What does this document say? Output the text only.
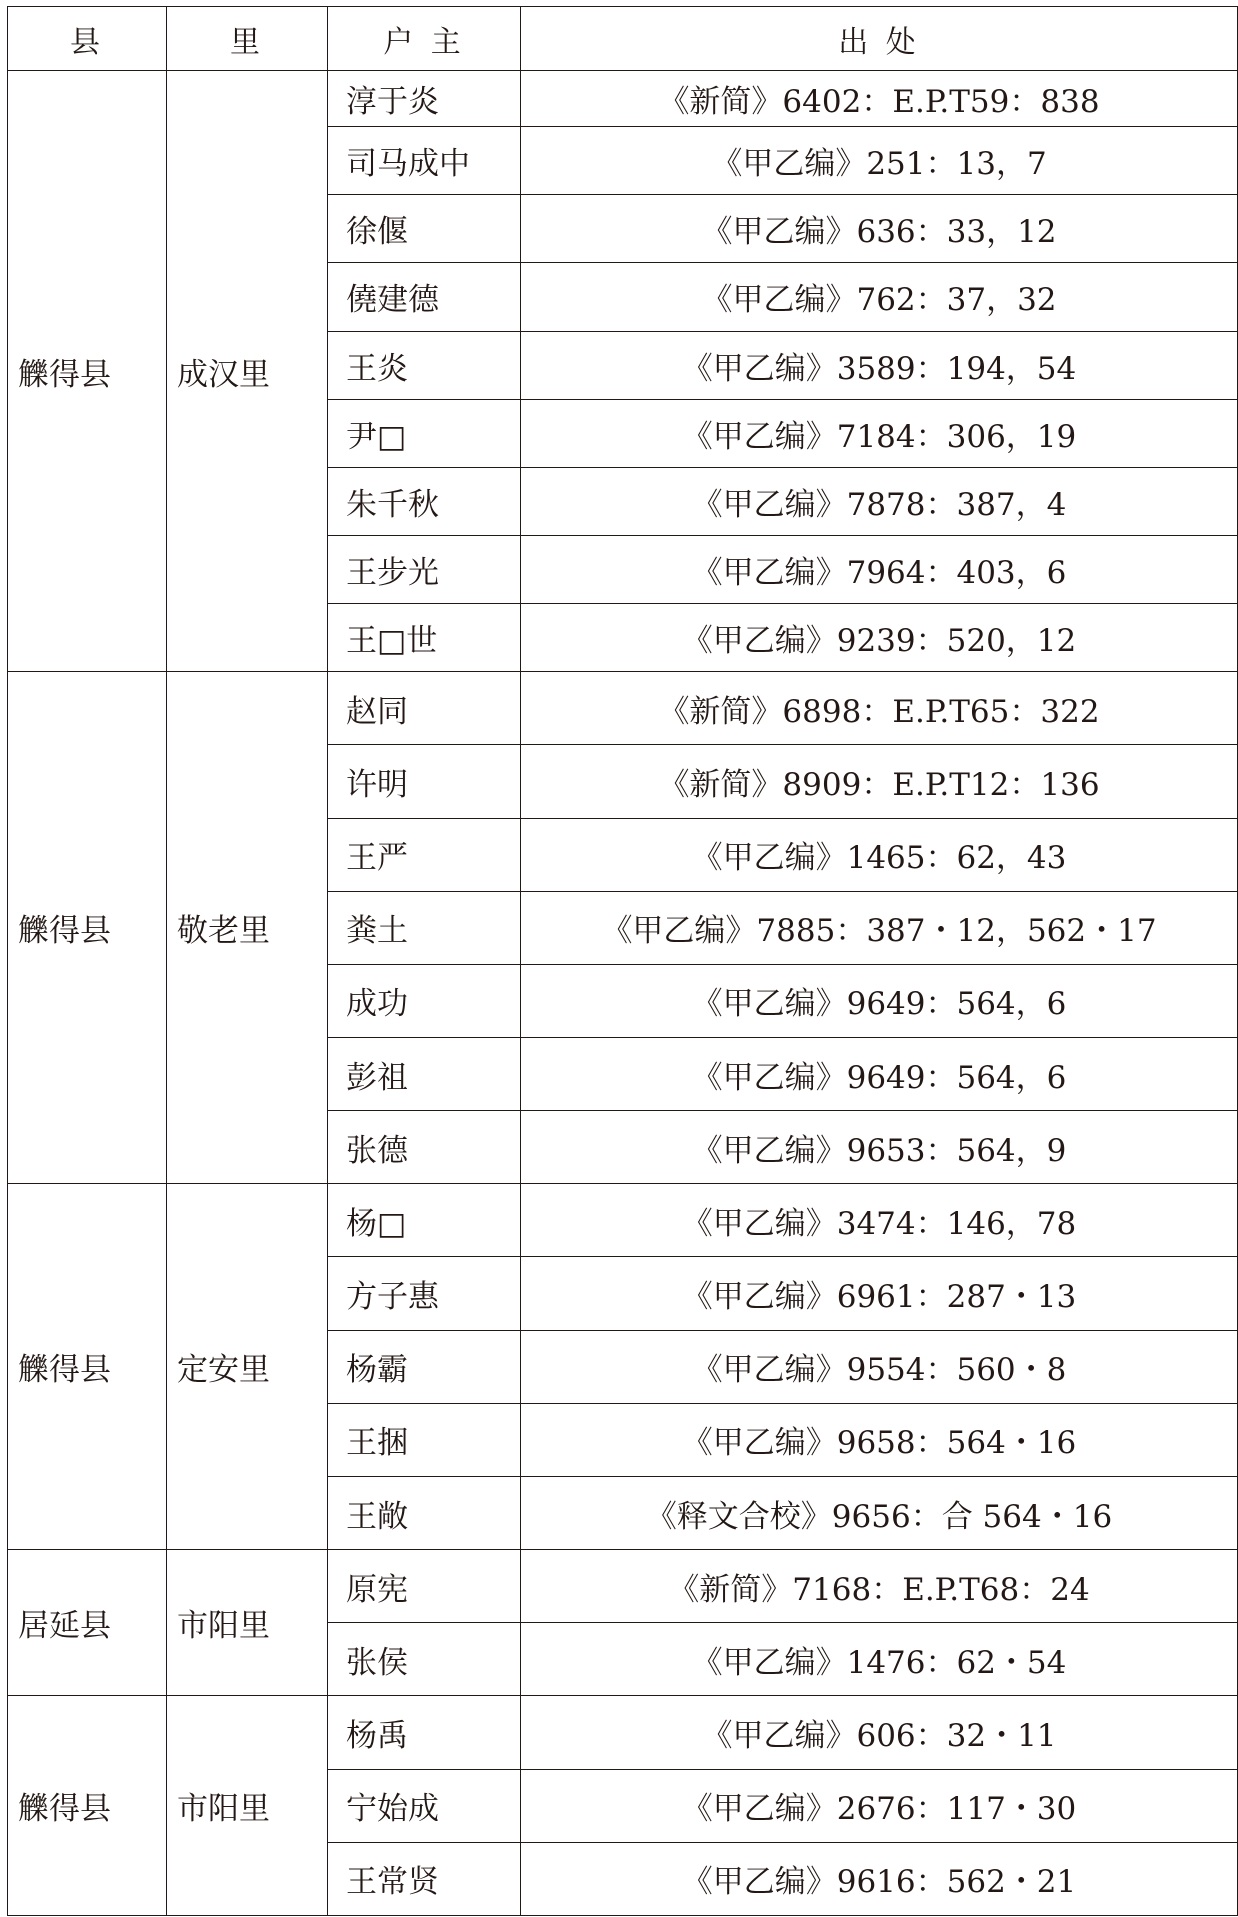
县	里	户 主	出 处
觻得县	成汉里	淳于炎	《新简》6402：E.P.T59：838
		司马成中	《甲乙编》251：13，7
		徐偃	《甲乙编》636：33，12
		僥建德	《甲乙编》762：37，32
		王炎	《甲乙编》3589：194，54
		尹□	《甲乙编》7184：306，19
		朱千秋	《甲乙编》7878：387，4
		王步光	《甲乙编》7964：403，6
		王□世	《甲乙编》9239：520，12
觻得县	敬老里	赵同	《新简》6898：E.P.T65：322
		许明	《新简》8909：E.P.T12：136
		王严	《甲乙编》1465：62，43
		粪土	《甲乙编》7885：387・12，562・17
		成功	《甲乙编》9649：564，6
		彭祖	《甲乙编》9649：564，6
		张德	《甲乙编》9653：564，9
觻得县	定安里	杨□	《甲乙编》3474：146，78
		方子惠	《甲乙编》6961：287・13
		杨霸	《甲乙编》9554：560・8
		王捆	《甲乙编》9658：564・16
		王敞	《释文合校》9656：合 564・16
居延县	市阳里	原宪	《新简》7168：E.P.T68：24
		张侯	《甲乙编》1476：62・54
觻得县	市阳里	杨禹	《甲乙编》606：32・11
		宁始成	《甲乙编》2676：117・30
		王常贤	《甲乙编》9616：562・21
